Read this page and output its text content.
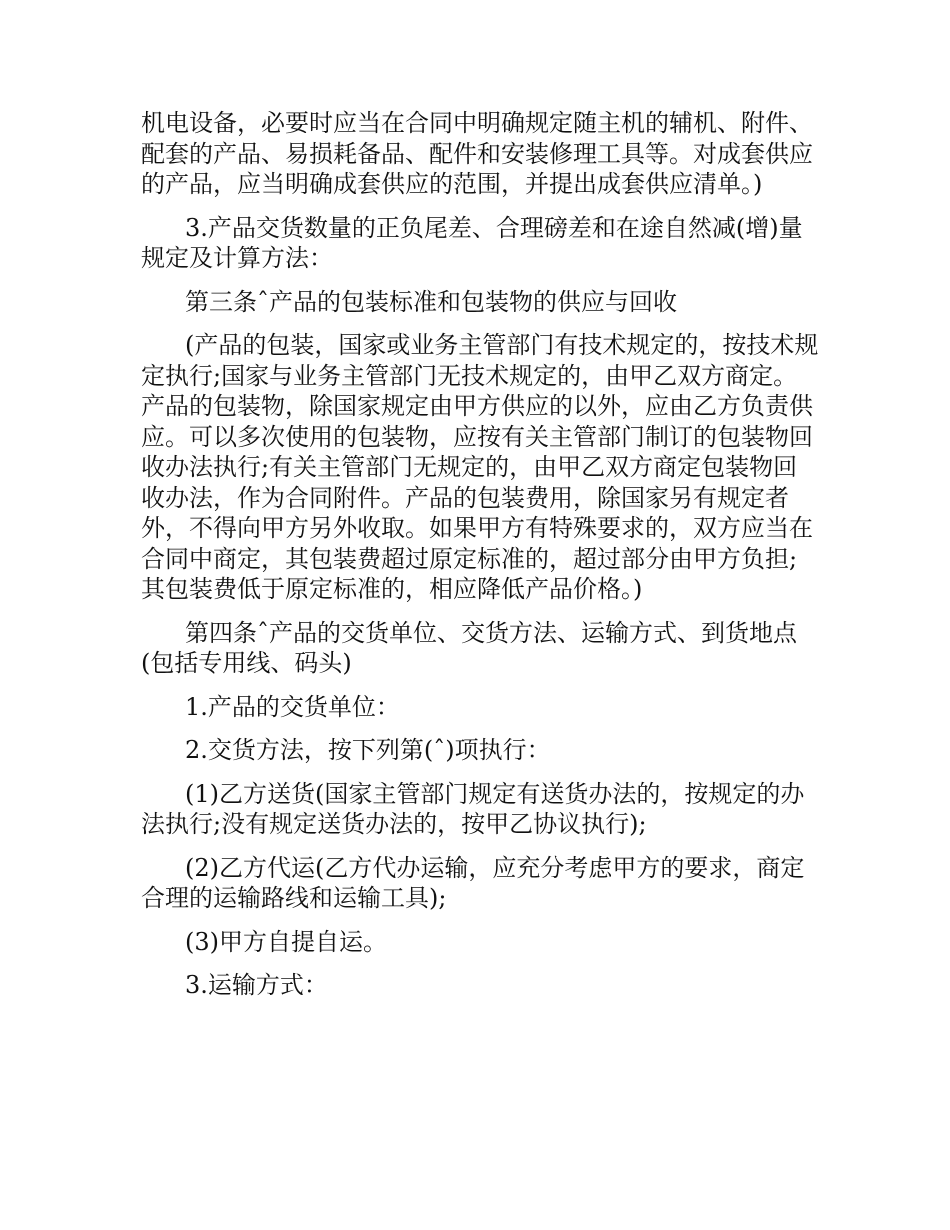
机电设备，必要时应当在合同中明确规定随主机的辅机、附件、配套的产品、易损耗备品、配件和安装修理工具等。对成套供应的产品，应当明确成套供应的范围，并提出成套供应清单。)

3.产品交货数量的正负尾差、合理磅差和在途自然减(增)量规定及计算方法：

第三条ˆ产品的包装标准和包装物的供应与回收

(产品的包装，国家或业务主管部门有技术规定的，按技术规定执行;国家与业务主管部门无技术规定的，由甲乙双方商定。产品的包装物，除国家规定由甲方供应的以外，应由乙方负责供应。可以多次使用的包装物，应按有关主管部门制订的包装物回收办法执行;有关主管部门无规定的，由甲乙双方商定包装物回收办法，作为合同附件。产品的包装费用，除国家另有规定者外，不得向甲方另外收取。如果甲方有特殊要求的，双方应当在合同中商定，其包装费超过原定标准的，超过部分由甲方负担;其包装费低于原定标准的，相应降低产品价格。)

第四条ˆ产品的交货单位、交货方法、运输方式、到货地点(包括专用线、码头)

1.产品的交货单位：

2.交货方法，按下列第(ˆ)项执行：

(1)乙方送货(国家主管部门规定有送货办法的，按规定的办法执行;没有规定送货办法的，按甲乙协议执行);

(2)乙方代运(乙方代办运输，应充分考虑甲方的要求，商定合理的运输路线和运输工具);

(3)甲方自提自运。

3.运输方式：
